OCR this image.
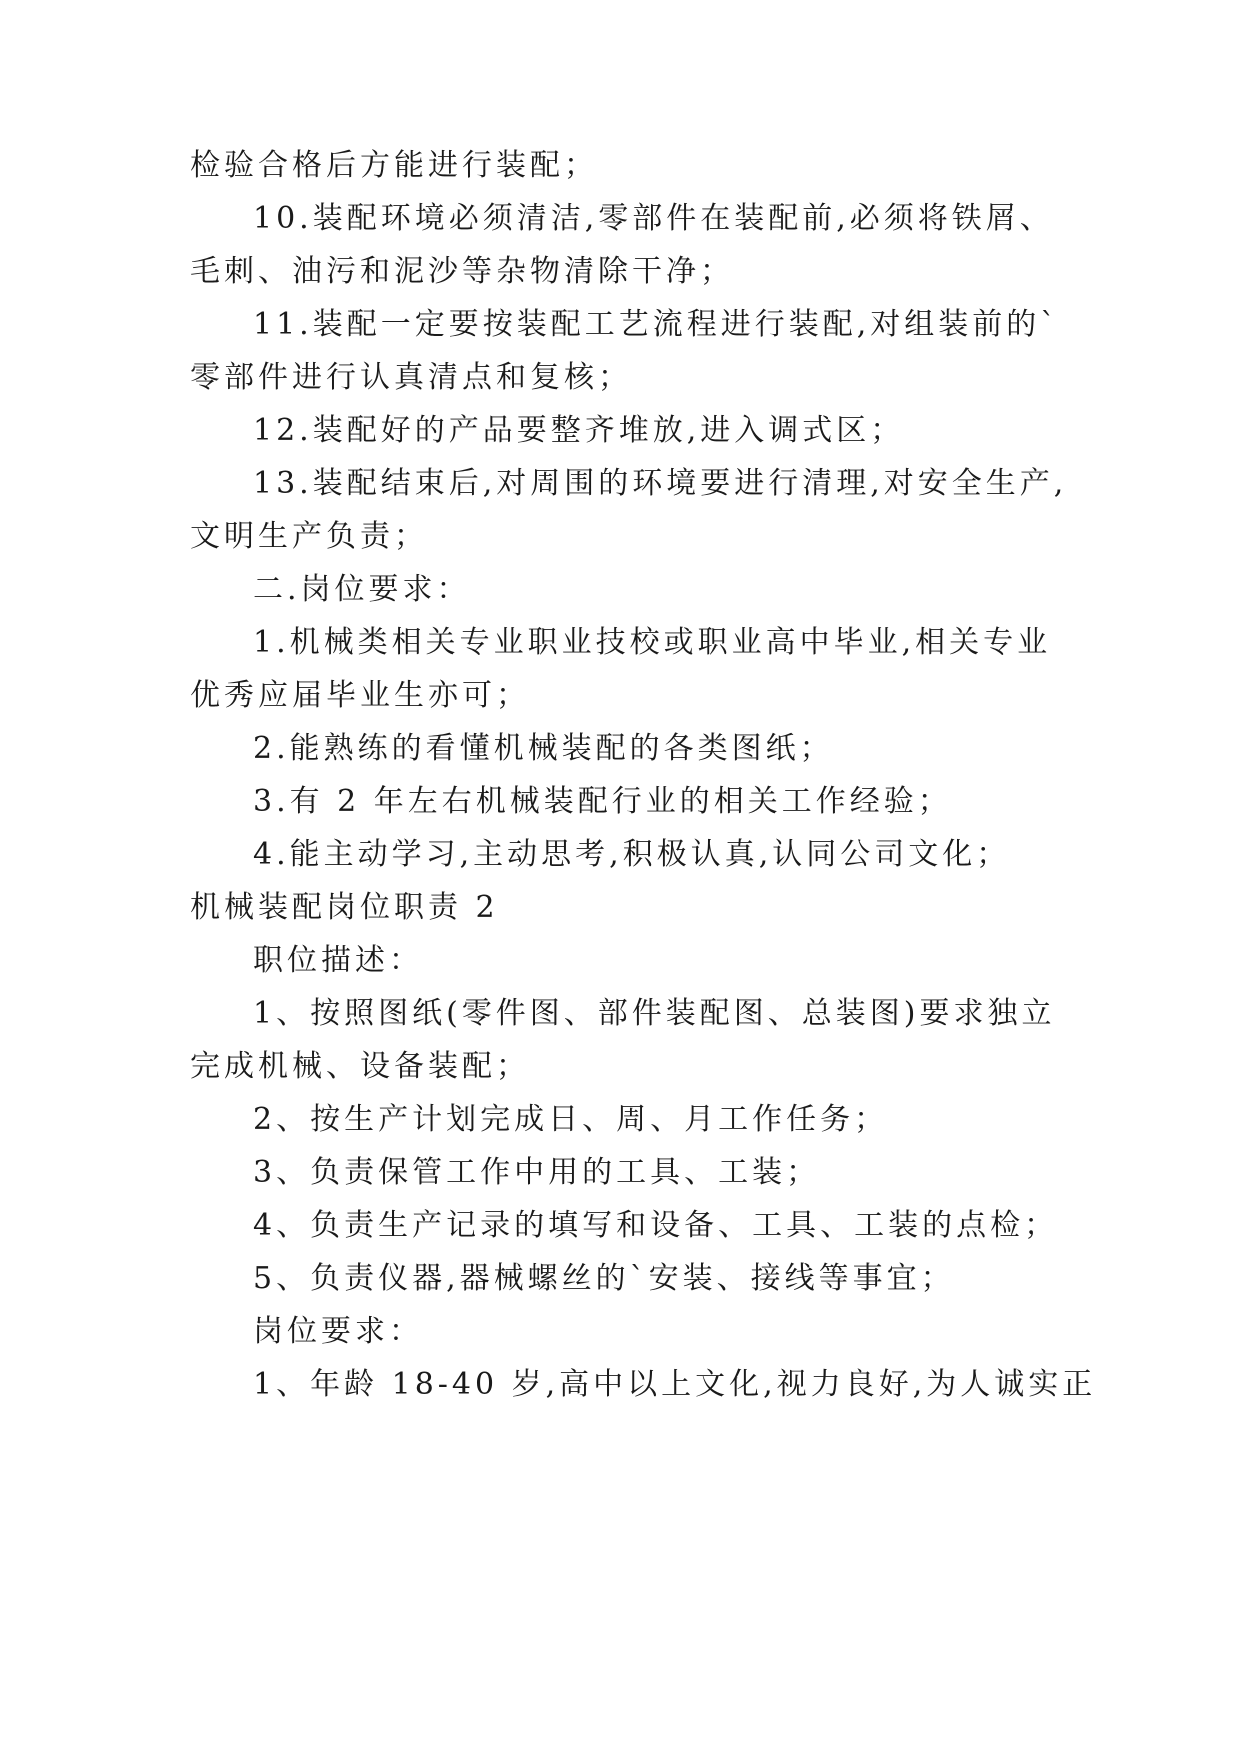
检验合格后方能进行装配；
10.装配环境必须清洁,零部件在装配前,必须将铁屑、
毛刺、油污和泥沙等杂物清除干净；
11.装配一定要按装配工艺流程进行装配,对组装前的`
零部件进行认真清点和复核；
12.装配好的产品要整齐堆放,进入调式区；
13.装配结束后,对周围的环境要进行清理,对安全生产,
文明生产负责；
二.岗位要求：
1.机械类相关专业职业技校或职业高中毕业,相关专业
优秀应届毕业生亦可；
2.能熟练的看懂机械装配的各类图纸；
3.有 2 年左右机械装配行业的相关工作经验；
4.能主动学习,主动思考,积极认真,认同公司文化；
机械装配岗位职责 2
职位描述：
1、按照图纸(零件图、部件装配图、总装图)要求独立
完成机械、设备装配；
2、按生产计划完成日、周、月工作任务；
3、负责保管工作中用的工具、工装；
4、负责生产记录的填写和设备、工具、工装的点检；
5、负责仪器,器械螺丝的`安装、接线等事宜；
岗位要求：
1、年龄 18-40 岁,高中以上文化,视力良好,为人诚实正
